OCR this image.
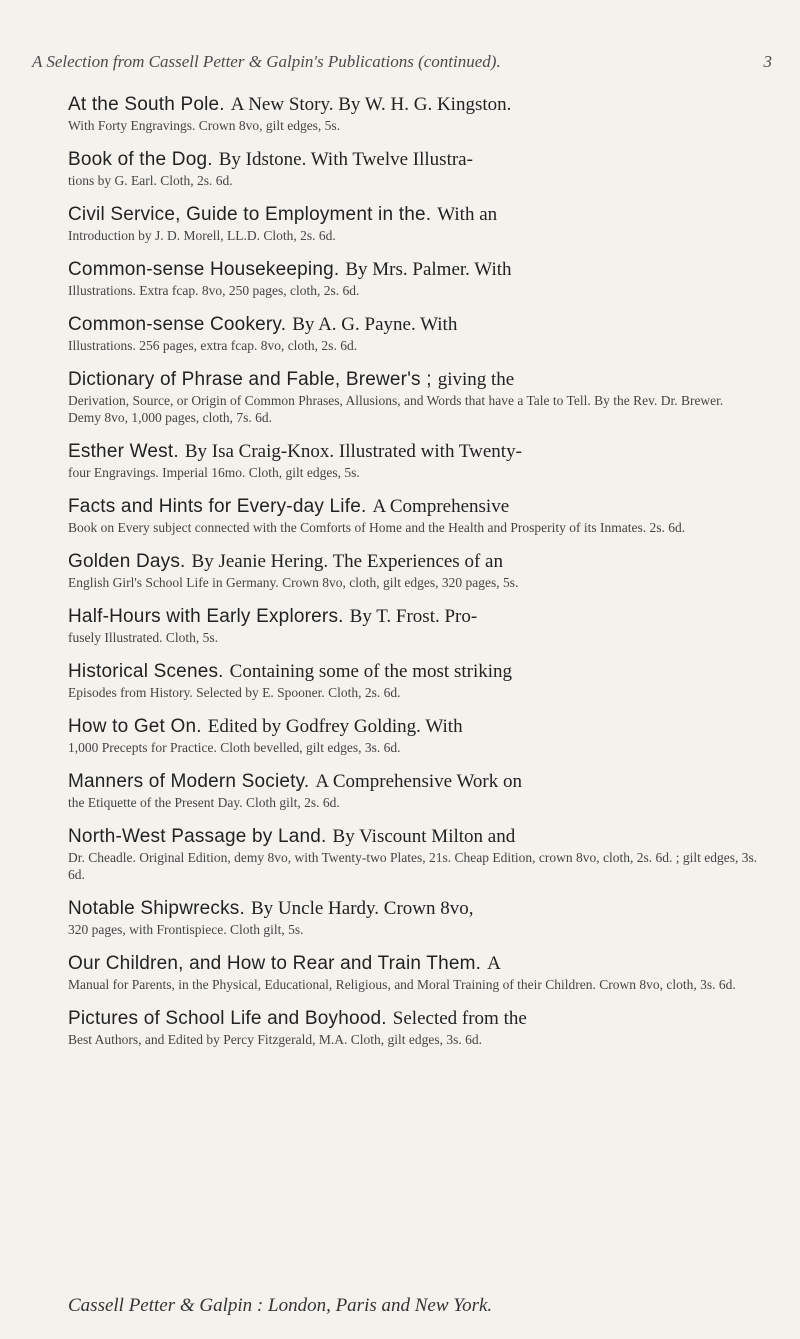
A Selection from Cassell Petter & Galpin's Publications (continued).	3
At the South Pole. A New Story. By W. H. G. Kingston.
With Forty Engravings. Crown 8vo, gilt edges, 5s.
Book of the Dog. By Idstone. With Twelve Illustra-
tions by G. Earl. Cloth, 2s. 6d.
Civil Service, Guide to Employment in the. With an
Introduction by J. D. Morell, LL.D. Cloth, 2s. 6d.
Common-sense Housekeeping. By Mrs. Palmer. With
Illustrations. Extra fcap. 8vo, 250 pages, cloth, 2s. 6d.
Common-sense Cookery. By A. G. Payne. With
Illustrations. 256 pages, extra fcap. 8vo, cloth, 2s. 6d.
Dictionary of Phrase and Fable, Brewer's ; giving the
Derivation, Source, or Origin of Common Phrases, Allusions, and Words that have a Tale to Tell. By the Rev. Dr. Brewer. Demy 8vo, 1,000 pages, cloth, 7s. 6d.
Esther West. By Isa Craig-Knox. Illustrated with Twenty-
four Engravings. Imperial 16mo. Cloth, gilt edges, 5s.
Facts and Hints for Every-day Life. A Comprehensive
Book on Every subject connected with the Comforts of Home and the Health and Prosperity of its Inmates. 2s. 6d.
Golden Days. By Jeanie Hering. The Experiences of an
English Girl's School Life in Germany. Crown 8vo, cloth, gilt edges, 320 pages, 5s.
Half-Hours with Early Explorers. By T. Frost. Pro-
fusely Illustrated. Cloth, 5s.
Historical Scenes. Containing some of the most striking
Episodes from History. Selected by E. Spooner. Cloth, 2s. 6d.
How to Get On. Edited by Godfrey Golding. With
1,000 Precepts for Practice. Cloth bevelled, gilt edges, 3s. 6d.
Manners of Modern Society. A Comprehensive Work on
the Etiquette of the Present Day. Cloth gilt, 2s. 6d.
North-West Passage by Land. By Viscount Milton and
Dr. Cheadle. Original Edition, demy 8vo, with Twenty-two Plates, 21s. Cheap Edition, crown 8vo, cloth, 2s. 6d. ; gilt edges, 3s. 6d.
Notable Shipwrecks. By Uncle Hardy. Crown 8vo,
320 pages, with Frontispiece. Cloth gilt, 5s.
Our Children, and How to Rear and Train Them. A
Manual for Parents, in the Physical, Educational, Religious, and Moral Training of their Children. Crown 8vo, cloth, 3s. 6d.
Pictures of School Life and Boyhood. Selected from the
Best Authors, and Edited by Percy Fitzgerald, M.A. Cloth, gilt edges, 3s. 6d.
Cassell Petter & Galpin : London, Paris and New York.
